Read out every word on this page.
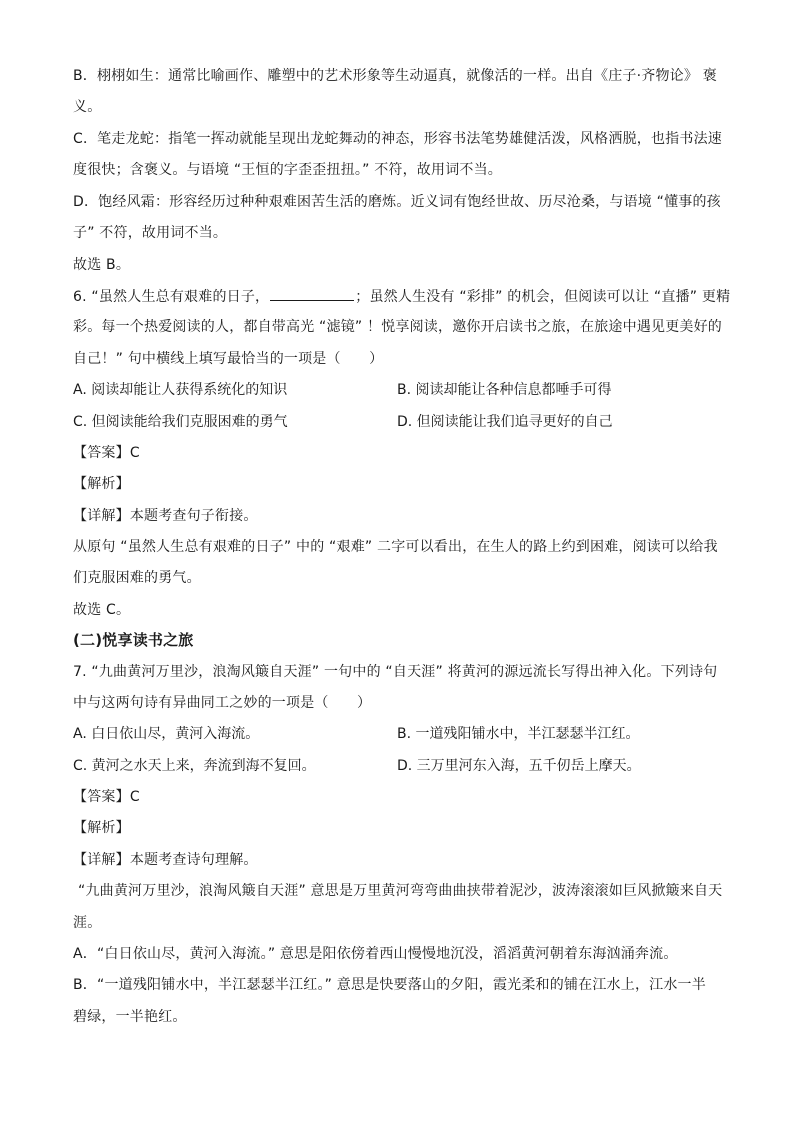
B．栩栩如生：通常比喻画作、雕塑中的艺术形象等生动逼真，就像活的一样。出自《庄子·齐物论》 褒
义。
C．笔走龙蛇：指笔一挥动就能呈现出龙蛇舞动的神态，形容书法笔势雄健活泼，风格洒脱，也指书法速
度很快；含褒义。与语境 “王恒的字歪歪扭扭。” 不符，故用词不当。
D．饱经风霜：形容经历过种种艰难困苦生活的磨炼。近义词有饱经世故、历尽沧桑，与语境 “懂事的孩
子” 不符，故用词不当。
故选 B。
6. “虽然人生总有艰难的日子，	；虽然人生没有 “彩排” 的机会，但阅读可以让 “直播” 更精
彩。每一个热爱阅读的人，都自带高光 “滤镜” ！悦享阅读，邀你开启读书之旅，在旅途中遇见更美好的
自己！” 句中横线上填写最恰当的一项是（　　）
A. 阅读却能让人获得系统化的知识	B. 阅读却能让各种信息都唾手可得
C. 但阅读能给我们克服困难的勇气	D. 但阅读能让我们追寻更好的自己
【答案】C
【解析】
【详解】本题考查句子衔接。
从原句 “虽然人生总有艰难的日子” 中的 “艰难” 二字可以看出，在生人的路上约到困难，阅读可以给我
们克服困难的勇气。
故选 C。
(二)悦享读书之旅
7. “九曲黄河万里沙，浪淘风簸自天涯” 一句中的 “自天涯” 将黄河的源远流长写得出神入化。下列诗句
中与这两句诗有异曲同工之妙的一项是（　　）
A. 白日依山尽，黄河入海流。	B. 一道残阳铺水中，半江瑟瑟半江红。
C. 黄河之水天上来，奔流到海不复回。	D. 三万里河东入海，五千仞岳上摩天。
【答案】C
【解析】
【详解】本题考查诗句理解。
“九曲黄河万里沙，浪淘风簸自天涯” 意思是万里黄河弯弯曲曲挟带着泥沙，波涛滚滚如巨风掀簸来自天
涯。
A．“白日依山尽，黄河入海流。” 意思是阳依傍着西山慢慢地沉没，滔滔黄河朝着东海汹涌奔流。
B．“一道残阳铺水中，半江瑟瑟半江红。” 意思是快要落山的夕阳，霞光柔和的铺在江水上，江水一半
碧绿，一半艳红。
